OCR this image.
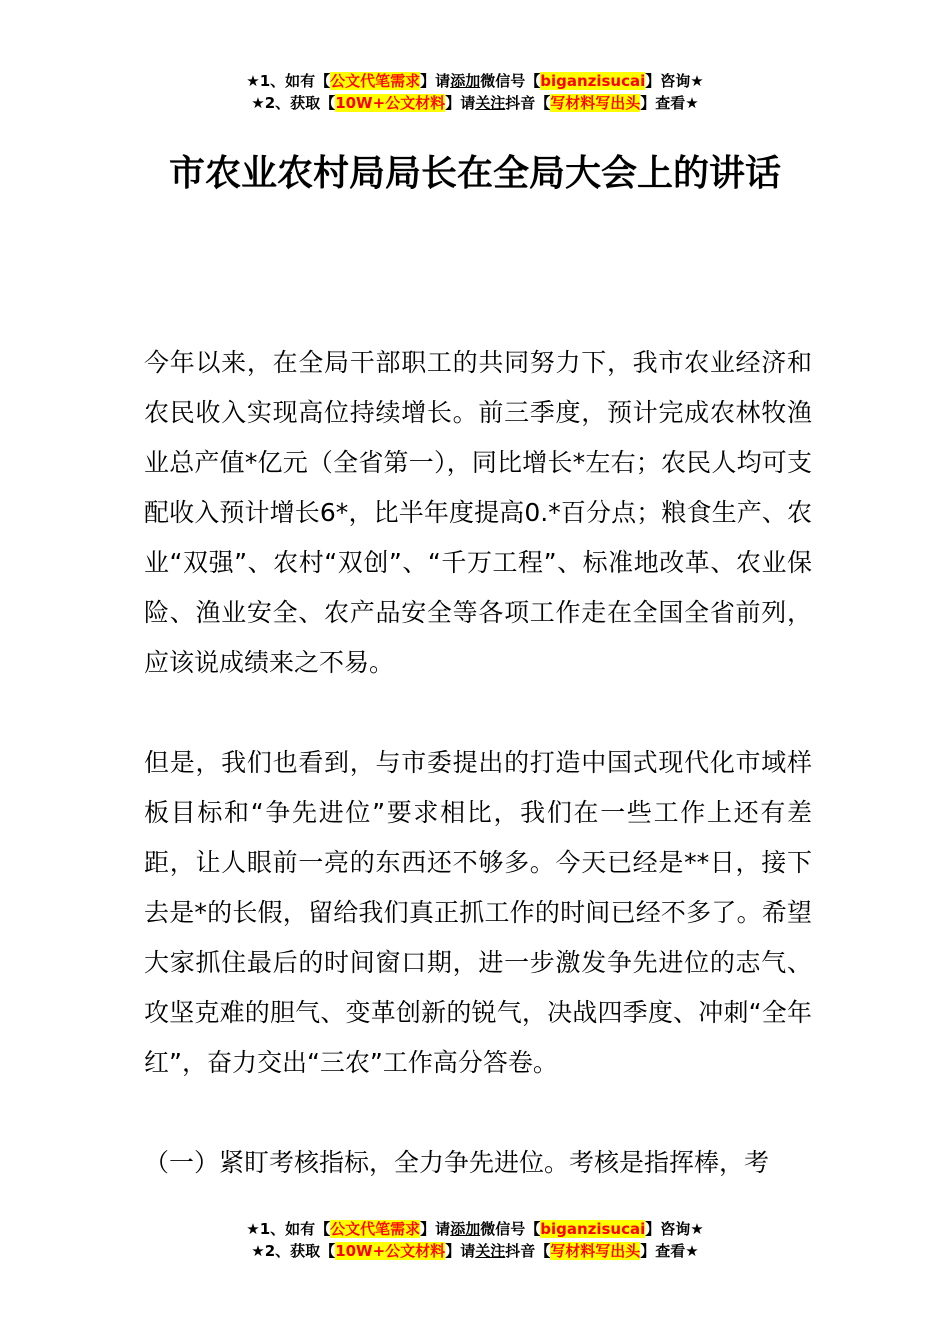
★1、如有【公文代笔需求】请添加微信号【biganzisucai】咨询★
★2、获取【10W+公文材料】请关注抖音【写材料写出头】查看★
市农业农村局局长在全局大会上的讲话

今年以来，在全局干部职工的共同努力下，我市农业经济和农民收入实现高位持续增长。前三季度，预计完成农林牧渔业总产值*亿元（全省第一），同比增长*左右；农民人均可支配收入预计增长6*，比半年度提高0.*百分点；粮食生产、农业“双强”、农村“双创”、“千万工程”、标准地改革、农业保险、渔业安全、农产品安全等各项工作走在全国全省前列，应该说成绩来之不易。

但是，我们也看到，与市委提出的打造中国式现代化市域样板目标和“争先进位”要求相比，我们在一些工作上还有差距，让人眼前一亮的东西还不够多。今天已经是**日，接下去是*的长假，留给我们真正抓工作的时间已经不多了。希望大家抓住最后的时间窗口期，进一步激发争先进位的志气、攻坚克难的胆气、变革创新的锐气，决战四季度、冲刺“全年红”，奋力交出“三农”工作高分答卷。

（一）紧盯考核指标，全力争先进位。考核是指挥棒，考

★1、如有【公文代笔需求】请添加微信号【biganzisucai】咨询★
★2、获取【10W+公文材料】请关注抖音【写材料写出头】查看★
